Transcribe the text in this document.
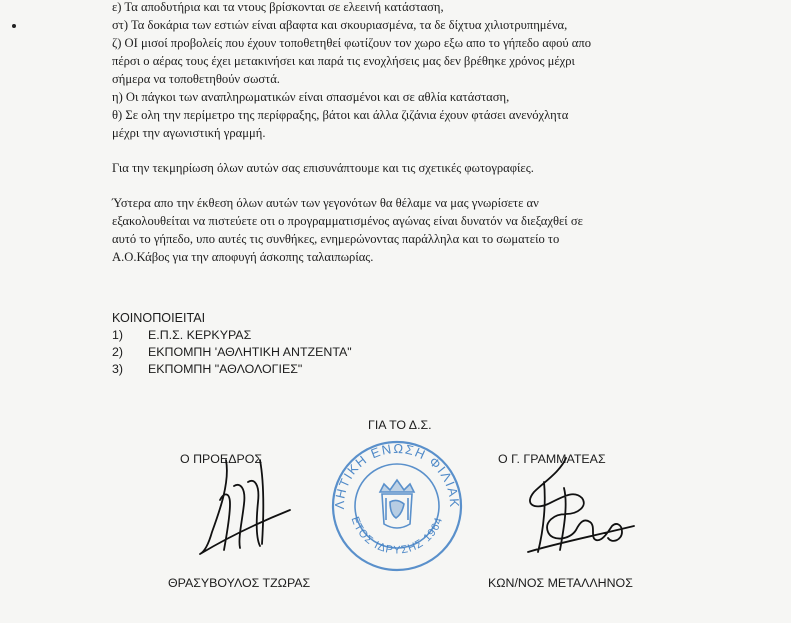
ε) Τα αποδυτήρια και τα ντους βρίσκονται σε ελεεινή κατάσταση,
στ) Τα δοκάρια των εστιών είναι αβαφτα και σκουριασμένα, τα δε δίχτυα χιλιοτρυπημένα,
ζ) ΟΙ μισοί προβολείς που έχουν τοποθετηθεί φωτίζουν τον χωρο εξω απο το γήπεδο αφού απο
πέρσι ο αέρας τους έχει μετακινήσει και παρά τις ενοχλήσεις μας δεν βρέθηκε χρόνος μέχρι
σήμερα να τοποθετηθούν σωστά.
η) Οι πάγκοι των αναπληρωματικών είναι σπασμένοι και σε αθλία κατάσταση,
θ) Σε ολη την περίμετρο της περίφραξης, βάτοι και άλλα ζιζάνια έχουν φτάσει ανενόχλητα
μέχρι την αγωνιστική γραμμή.
Για την τεκμηρίωση όλων αυτών σας επισυνάπτουμε και τις σχετικές φωτογραφίες.
Ύστερα απο την έκθεση όλων αυτών των γεγονότων θα θέλαμε να μας γνωρίσετε αν
εξακολουθείται να πιστεύετε οτι ο προγραμματισμένος αγώνας είναι δυνατόν να διεξαχθεί σε
αυτό το γήπεδο, υπο αυτές τις συνθήκες, ενημερώνοντας παράλληλα και το σωματείο το
Α.Ο.Κάβος για την αποφυγή άσκοπης ταλαιπωρίας.
ΚΟΙΝΟΠΟΙΕΙΤΑΙ
1) Ε.Π.Σ. ΚΕΡΚΥΡΑΣ
2) ΕΚΠΟΜΠΗ 'ΑΘΛΗΤΙΚΗ ΑΝΤΖΕΝΤΑ"
3) ΕΚΠΟΜΠΗ "ΑΘΛΟΛΟΓΙΕΣ"
ΓΙΑ ΤΟ Δ.Σ.
Ο ΠΡΟΕΔΡΟΣ	Ο Γ. ΓΡΑΜΜΑΤΕΑΣ
ΘΡΑΣΥΒΟΥΛΟΣ ΤΖΩΡΑΣ	ΚΩΝ/ΝΟΣ ΜΕΤΑΛΛΗΝΟΣ
ΑΘΛΗΤΙΚΗ ΕΝΩΣΗ ΦΙΛΙΑΚΩΝ
ΕΤΟΣ ΙΔΡΥΣΗΣ 1964
